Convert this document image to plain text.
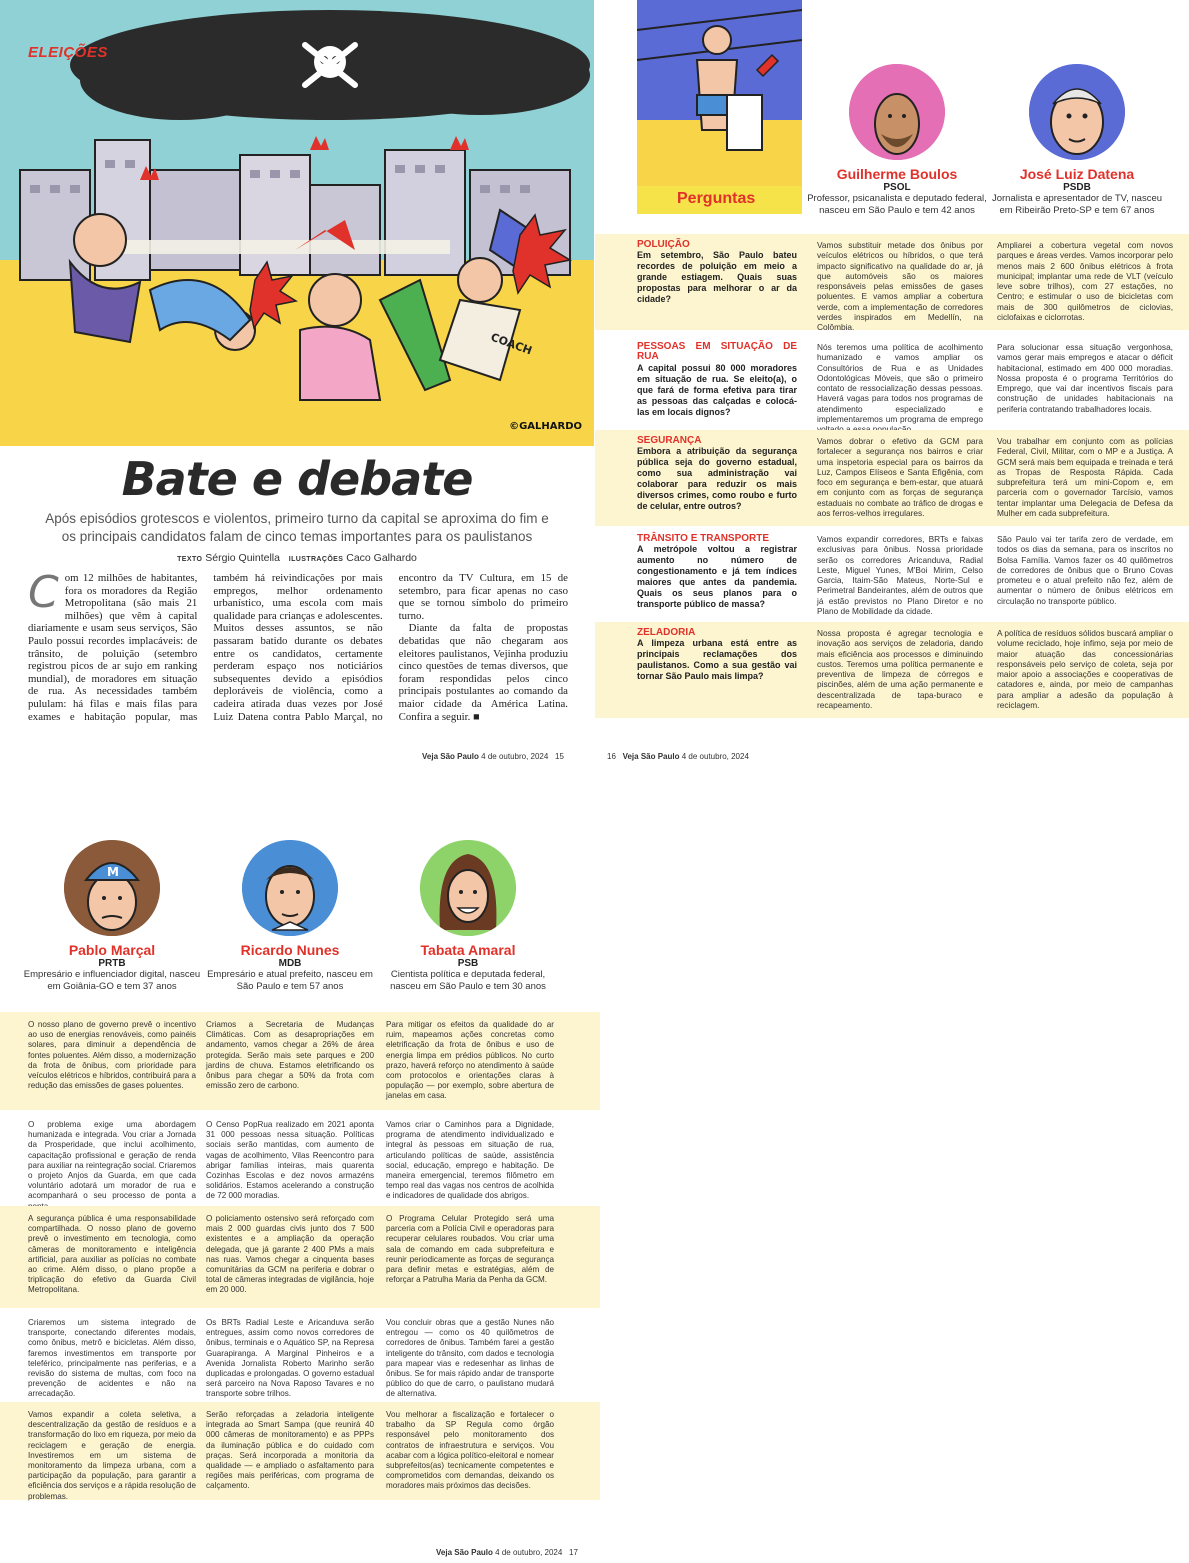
COACH
ELEIÇÕES
©GALHARDO
Bate e debate
Após episódios grotescos e violentos, primeiro turno da capital se aproxima do fim e os principais candidatos falam de cinco temas importantes para os paulistanos
TEXTO Sérgio Quintella ILUSTRAÇÕES Caco Galhardo

Com 12 milhões de habitantes, fora os moradores da Região Metropolitana (são mais 21 milhões) que vêm à capital diariamente e usam seus serviços, São Paulo possui recordes implacáveis: de trânsito, de poluição (setembro registrou picos de ar sujo em ranking mundial), de moradores em situação de rua. As necessidades também pululam: há filas e mais filas para exames e habitação popular, mas também há reivindicações por mais empregos, melhor ordenamento urbanístico, uma escola com mais qualidade para crianças e adolescentes. Muitos desses assuntos, se não passaram batido durante os debates entre os candidatos, certamente perderam espaço nos noticiários subsequentes devido a episódios deploráveis de violência, como a cadeira atirada duas vezes por José Luiz Datena contra Pablo Marçal, no encontro da TV Cultura, em 15 de setembro, para ficar apenas no caso que se tornou símbolo do primeiro turno.

Diante da falta de propostas debatidas que não chegaram aos eleitores paulistanos, Vejinha produziu cinco questões de temas diversos, que foram respondidas pelos cinco principais postulantes ao comando da maior cidade da América Latina. Confira a seguir. ■

Veja São Paulo 4 de outubro, 2024 15
Perguntas
Guilherme Boulos
PSOL
Professor, psicanalista e deputado federal, nasceu em São Paulo e tem 42 anos
José Luiz Datena
PSDB
Jornalista e apresentador de TV, nasceu em Ribeirão Preto-SP e tem 67 anos
POLUIÇÃO
Em setembro, São Paulo bateu recordes de poluição em meio a grande estiagem. Quais suas propostas para melhorar o ar da cidade?
Vamos substituir metade dos ônibus por veículos elétricos ou híbridos, o que terá impacto significativo na qualidade do ar, já que automóveis são os maiores responsáveis pelas emissões de gases poluentes. E vamos ampliar a cobertura verde, com a implementação de corredores verdes inspirados em Medellín, na Colômbia.
Ampliarei a cobertura vegetal com novos parques e áreas verdes. Vamos incorporar pelo menos mais 2 600 ônibus elétricos à frota municipal; implantar uma rede de VLT (veículo leve sobre trilhos), com 27 estações, no Centro; e estimular o uso de bicicletas com mais de 300 quilômetros de ciclovias, ciclofaixas e ciclorrotas.
PESSOAS EM SITUAÇÃO DE RUA
A capital possui 80 000 moradores em situação de rua. Se eleito(a), o que fará de forma efetiva para tirar as pessoas das calçadas e colocá-las em locais dignos?
Nós teremos uma política de acolhimento humanizado e vamos ampliar os Consultórios de Rua e as Unidades Odontológicas Móveis, que são o primeiro contato de ressocialização dessas pessoas. Haverá vagas para todos nos programas de atendimento especializado e implementaremos um programa de emprego
Para solucionar essa situação vergonhosa, vamos gerar mais empregos e atacar o déficit habitacional, estimado em 400 000 moradias. Nossa proposta é o programa Territórios do Emprego, que vai dar incentivos fiscais para construção de unidades habitacionais na periferia contratando trabalhadores locais.
SEGURANÇA
Embora a atribuição da segurança pública seja do governo estadual, como sua administração vai colaborar para reduzir os mais diversos crimes, como roubo e furto de celular, entre outros?
Vamos dobrar o efetivo da GCM para fortalecer a segurança nos bairros e criar uma inspetoria especial para os bairros da Luz, Campos Elíseos e Santa Efigênia, com foco em segurança e bem-estar, que atuará em conjunto com as forças de segurança estaduais no combate ao tráfico de drogas e aos ferros-velhos irregulares.
Vou trabalhar em conjunto com as polícias Federal, Civil, Militar, com o MP e a Justiça. A GCM será mais bem equipada e treinada e terá as Tropas de Resposta Rápida. Cada subprefeitura terá um mini-Copom e, em parceria com o governador Tarcísio, vamos tentar implantar uma Delegacia de Defesa da Mulher em cada subprefeitura.
TRÂNSITO E TRANSPORTE
A metrópole voltou a registrar aumento no número de congestionamento e já tem índices maiores que antes da pandemia. Quais os seus planos para o transporte público de massa?
Vamos expandir corredores, BRTs e faixas exclusivas para ônibus. Nossa prioridade serão os corredores Aricanduva, Radial Leste, Miguel Yunes, M'Boi Mirim, Celso Garcia, Itaim-São Mateus, Norte-Sul e Perimetral Bandeirantes, além de outros que já estão previstos no Plano Diretor e no Plano de Mobilidade da cidade.
São Paulo vai ter tarifa zero de verdade, em todos os dias da semana, para os inscritos no Bolsa Família. Vamos fazer os 40 quilômetros de corredores de ônibus que o Bruno Covas prometeu e o atual prefeito não fez, além de aumentar o número de ônibus elétricos em circulação no transporte público.
ZELADORIA
A limpeza urbana está entre as principais reclamações dos paulistanos. Como a sua gestão vai tornar São Paulo mais limpa?
Nossa proposta é agregar tecnologia e inovação aos serviços de zeladoria, dando mais eficiência aos processos e diminuindo custos. Teremos uma política permanente e preventiva de limpeza de córregos e piscinões, além de uma ação permanente e descentralizada de tapa-buraco e recapeamento.
A política de resíduos sólidos buscará ampliar o volume reciclado, hoje ínfimo, seja por meio de maior atuação das concessionárias responsáveis pelo serviço de coleta, seja por maior apoio a associações e cooperativas de catadores e, ainda, por meio de campanhas para ampliar a adesão da população à reciclagem.
16 Veja São Paulo 4 de outubro, 2024
M
Pablo Marçal
PRTB
Empresário e influenciador digital, nasceu em Goiânia-GO e tem 37 anos
Ricardo Nunes
MDB
Empresário e atual prefeito, nasceu em São Paulo e tem 57 anos
Tabata Amaral
PSB
Cientista política e deputada federal, nasceu em São Paulo e tem 30 anos
O nosso plano de governo prevê o incentivo ao uso de energias renováveis, como painéis solares, para diminuir a dependência de fontes poluentes. Além disso, a modernização da frota de ônibus, com prioridade para veículos elétricos e híbridos, contribuirá para a redução das emissões de gases poluentes.
Criamos a Secretaria de Mudanças Climáticas. Com as desapropriações em andamento, vamos chegar a 26% de área protegida. Serão mais sete parques e 200 jardins de chuva. Estamos eletrificando os ônibus para chegar a 50% da frota com emissão zero de carbono.
Para mitigar os efeitos da qualidade do ar ruim, mapeamos ações concretas como eletrificação da frota de ônibus e uso de energia limpa em prédios públicos. No curto prazo, haverá reforço no atendimento à saúde com protocolos e orientações claras à população — por exemplo, sobre abertura de janelas em casa.
O problema exige uma abordagem humanizada e integrada. Vou criar a Jornada da Prosperidade, que inclui acolhimento, capacitação profissional e geração de renda para auxiliar na reintegração social. Criaremos o projeto Anjos da Guarda, em que cada voluntário adotará um morador de rua e acompanhará o seu processo de ponta a
O Censo PopRua realizado em 2021 aponta 31 000 pessoas nessa situação. Políticas sociais serão mantidas, com aumento de vagas de acolhimento, Vilas Reencontro para abrigar famílias inteiras, mais quarenta Cozinhas Escolas e dez novos armazéns solidários. Estamos acelerando a construção de 72 000 moradias.
Vamos criar o Caminhos para a Dignidade, programa de atendimento individualizado e integral às pessoas em situação de rua, articulando políticas de saúde, assistência social, educação, emprego e habitação. De maneira emergencial, teremos filômetro em tempo real das vagas nos centros de acolhida e indicadores de qualidade dos abrigos.
A segurança pública é uma responsabilidade compartilhada. O nosso plano de governo prevê o investimento em tecnologia, como câmeras de monitoramento e inteligência artificial, para auxiliar as polícias no combate ao crime. Além disso, o plano propõe a triplicação do efetivo da Guarda Civil Metropolitana.
O policiamento ostensivo será reforçado com mais 2 000 guardas civis junto dos 7 500 existentes e a ampliação da operação delegada, que já garante 2 400 PMs a mais nas ruas. Vamos chegar a cinquenta bases comunitárias da GCM na periferia e dobrar o total de câmeras integradas de vigilância, hoje em 20 000.
O Programa Celular Protegido será uma parceria com a Polícia Civil e operadoras para recuperar celulares roubados. Vou criar uma sala de comando em cada subprefeitura e reunir periodicamente as forças de segurança para definir metas e estratégias, além de reforçar a Patrulha Maria da Penha da GCM.
Criaremos um sistema integrado de transporte, conectando diferentes modais, como ônibus, metrô e bicicletas. Além disso, faremos investimentos em transporte por teleférico, principalmente nas periferias, e a revisão do sistema de multas, com foco na prevenção de acidentes e não na arrecadação.
Os BRTs Radial Leste e Aricanduva serão entregues, assim como novos corredores de ônibus, terminais e o Aquático SP, na Represa Guarapiranga. A Marginal Pinheiros e a Avenida Jornalista Roberto Marinho serão duplicadas e prolongadas. O governo estadual será parceiro na Nova Raposo Tavares e no transporte sobre trilhos.
Vou concluir obras que a gestão Nunes não entregou — como os 40 quilômetros de corredores de ônibus. Também farei a gestão inteligente do trânsito, com dados e tecnologia para mapear vias e redesenhar as linhas de ônibus. Se for mais rápido andar de transporte público do que de carro, o paulistano mudará de alternativa.
Vamos expandir a coleta seletiva, a descentralização da gestão de resíduos e a transformação do lixo em riqueza, por meio da reciclagem e geração de energia. Investiremos em um sistema de monitoramento da limpeza urbana, com a participação da população, para garantir a eficiência dos serviços e a rápida resolução de problemas.
Serão reforçadas a zeladoria inteligente integrada ao Smart Sampa (que reunirá 40 000 câmeras de monitoramento) e as PPPs da iluminação pública e do cuidado com praças. Será incorporada a monitoria da qualidade — e ampliado o asfaltamento para regiões mais periféricas, com programa de calçamento.
Vou melhorar a fiscalização e fortalecer o trabalho da SP Regula como órgão responsável pelo monitoramento dos contratos de infraestrutura e serviços. Vou acabar com a lógica político-eleitoral e nomear subprefeitos(as) tecnicamente competentes e comprometidos com demandas, deixando os moradores mais próximos das decisões.
Veja São Paulo 4 de outubro, 2024 17
